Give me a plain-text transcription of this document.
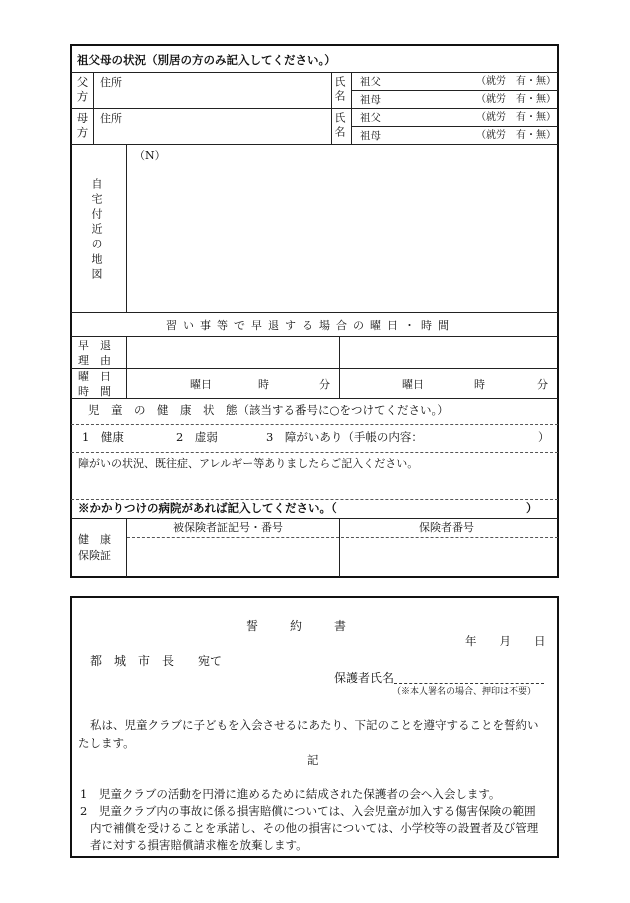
祖父母の状況（別居の方のみ記入してください。）
父方 住所	氏名 祖父	（就労　有・無）
祖母	（就労　有・無）
母方 住所	氏名 祖父	（就労　有・無）
祖母	（就労　有・無）
自宅付近の地図
（N）
習い事等で早退する場合の曜日・時間
早　退
理　由
曜　日
時　間
曜日	時	分	曜日	時	分
児　童　の　健　康　状　態（該当する番号に○をつけてください。）
1　健康	2　虚弱	3　障がいあり（手帳の内容：	）
障がいの状況、既往症、アレルギー等ありましたらご記入ください。
※かかりつけの病院があれば記入してください。（	）
健　康
保険証
被保険者証記号・番号	保険者番号
誓　約　書
年　　月　　日
都　城　市　長　　宛て
保護者氏名
（※本人署名の場合、押印は不要）
私は、児童クラブに子どもを入会させるにあたり、下記のことを遵守することを誓約い
たします。
記
1　児童クラブの活動を円滑に進めるために結成された保護者の会へ入会します。
2　児童クラブ内の事故に係る損害賠償については、入会児童が加入する傷害保険の範囲
内で補償を受けることを承諾し、その他の損害については、小学校等の設置者及び管理
者に対する損害賠償請求権を放棄します。
